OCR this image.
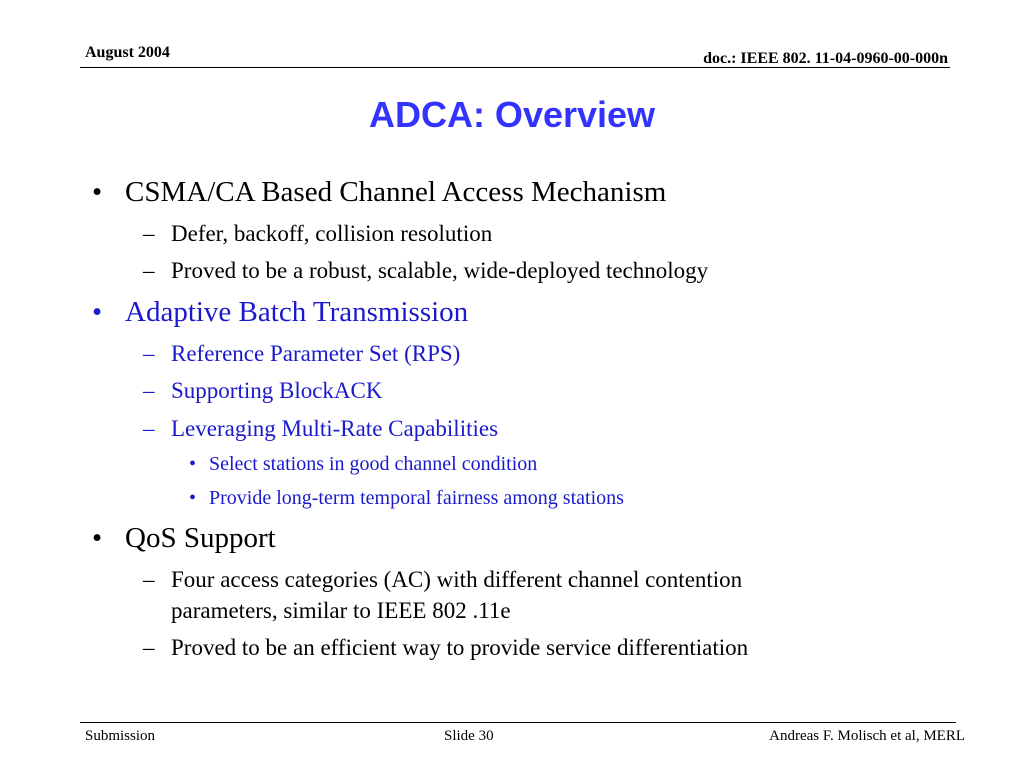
August 2004	doc.: IEEE 802. 11-04-0960-00-000n
ADCA: Overview
• CSMA/CA Based Channel Access Mechanism
– Defer, backoff, collision resolution
– Proved to be a robust, scalable, wide-deployed technology
• Adaptive Batch Transmission
– Reference Parameter Set (RPS)
– Supporting BlockACK
– Leveraging Multi-Rate Capabilities
• Select stations in good channel condition
• Provide long-term temporal fairness among stations
• QoS Support
– Four access categories (AC) with different channel contention
parameters, similar to IEEE 802 .11e
– Proved to be an efficient way to provide service differentiation
Submission	Slide 30	Andreas F. Molisch et al, MERL
